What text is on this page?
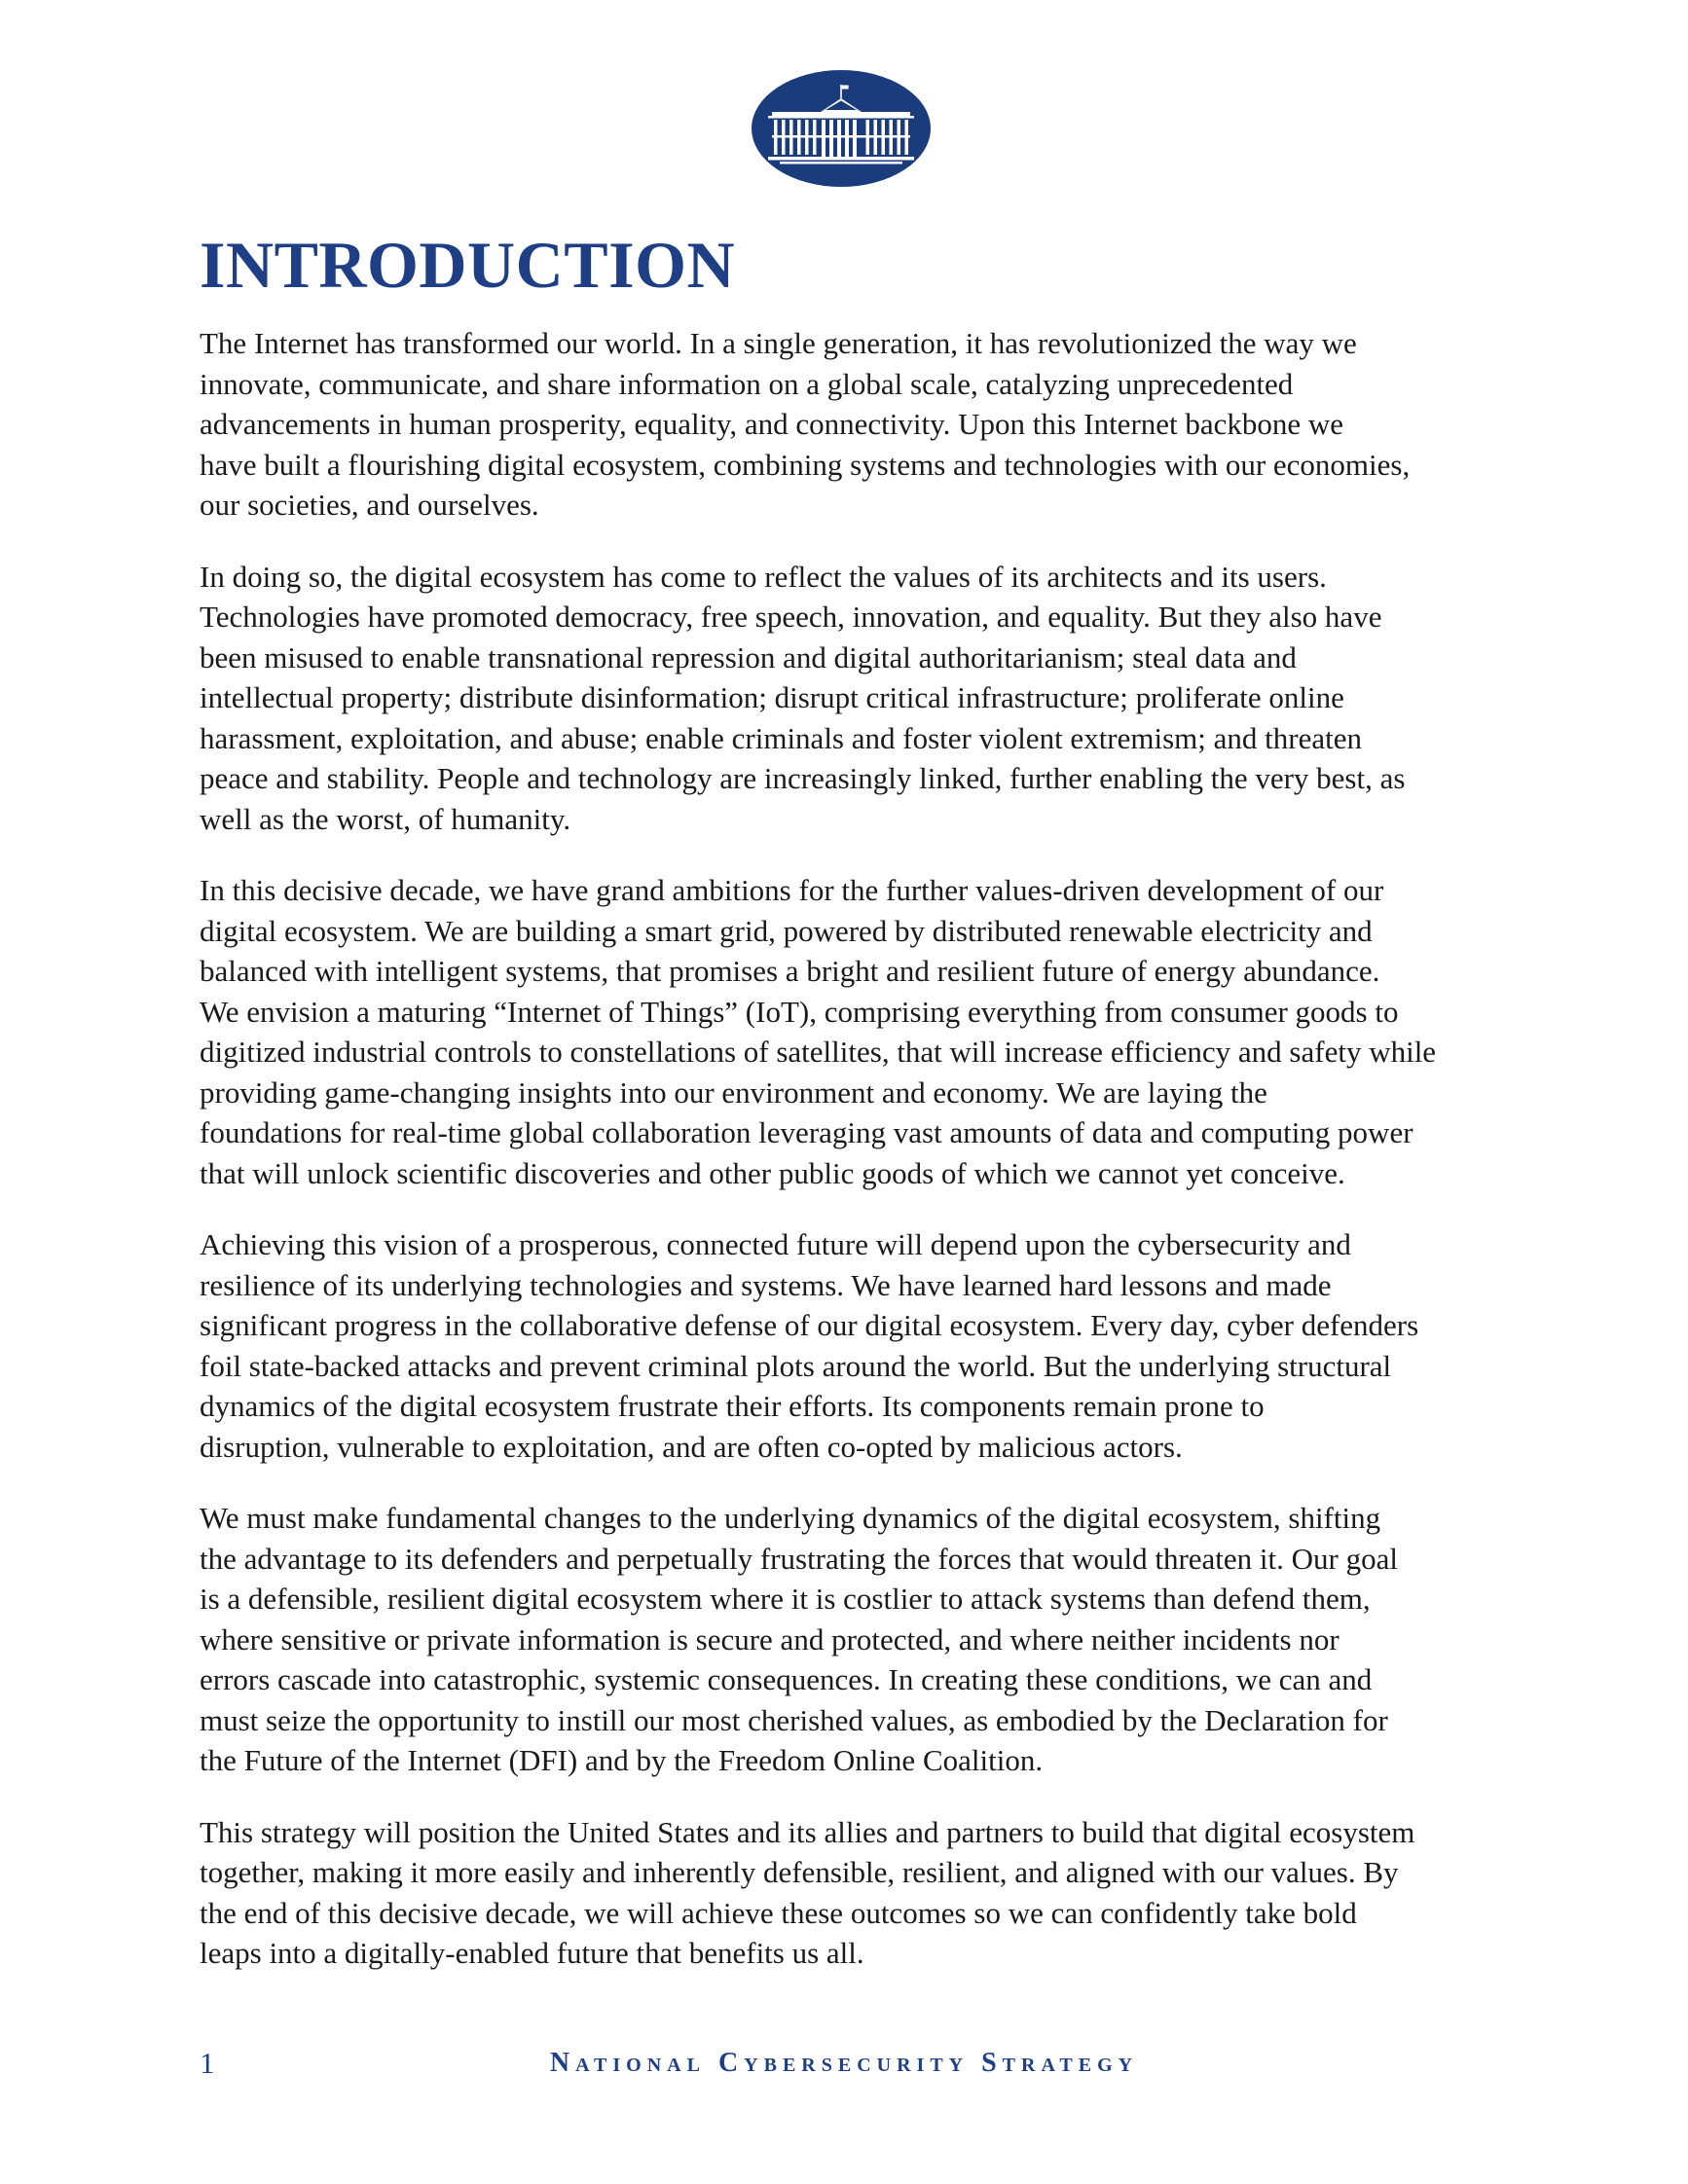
INTRODUCTION

The Internet has transformed our world. In a single generation, it has revolutionized the way we
innovate, communicate, and share information on a global scale, catalyzing unprecedented
advancements in human prosperity, equality, and connectivity. Upon this Internet backbone we
have built a flourishing digital ecosystem, combining systems and technologies with our economies,
our societies, and ourselves.

In doing so, the digital ecosystem has come to reflect the values of its architects and its users.
Technologies have promoted democracy, free speech, innovation, and equality. But they also have
been misused to enable transnational repression and digital authoritarianism; steal data and
intellectual property; distribute disinformation; disrupt critical infrastructure; proliferate online
harassment, exploitation, and abuse; enable criminals and foster violent extremism; and threaten
peace and stability. People and technology are increasingly linked, further enabling the very best, as
well as the worst, of humanity.

In this decisive decade, we have grand ambitions for the further values-driven development of our
digital ecosystem. We are building a smart grid, powered by distributed renewable electricity and
balanced with intelligent systems, that promises a bright and resilient future of energy abundance.
We envision a maturing “Internet of Things” (IoT), comprising everything from consumer goods to
digitized industrial controls to constellations of satellites, that will increase efficiency and safety while
providing game-changing insights into our environment and economy. We are laying the
foundations for real-time global collaboration leveraging vast amounts of data and computing power
that will unlock scientific discoveries and other public goods of which we cannot yet conceive.

Achieving this vision of a prosperous, connected future will depend upon the cybersecurity and
resilience of its underlying technologies and systems. We have learned hard lessons and made
significant progress in the collaborative defense of our digital ecosystem. Every day, cyber defenders
foil state-backed attacks and prevent criminal plots around the world. But the underlying structural
dynamics of the digital ecosystem frustrate their efforts. Its components remain prone to
disruption, vulnerable to exploitation, and are often co-opted by malicious actors.

We must make fundamental changes to the underlying dynamics of the digital ecosystem, shifting
the advantage to its defenders and perpetually frustrating the forces that would threaten it. Our goal
is a defensible, resilient digital ecosystem where it is costlier to attack systems than defend them,
where sensitive or private information is secure and protected, and where neither incidents nor
errors cascade into catastrophic, systemic consequences. In creating these conditions, we can and
must seize the opportunity to instill our most cherished values, as embodied by the Declaration for
the Future of the Internet (DFI) and by the Freedom Online Coalition.

This strategy will position the United States and its allies and partners to build that digital ecosystem
together, making it more easily and inherently defensible, resilient, and aligned with our values. By
the end of this decisive decade, we will achieve these outcomes so we can confidently take bold
leaps into a digitally-enabled future that benefits us all.

1	National Cybersecurity Strategy
